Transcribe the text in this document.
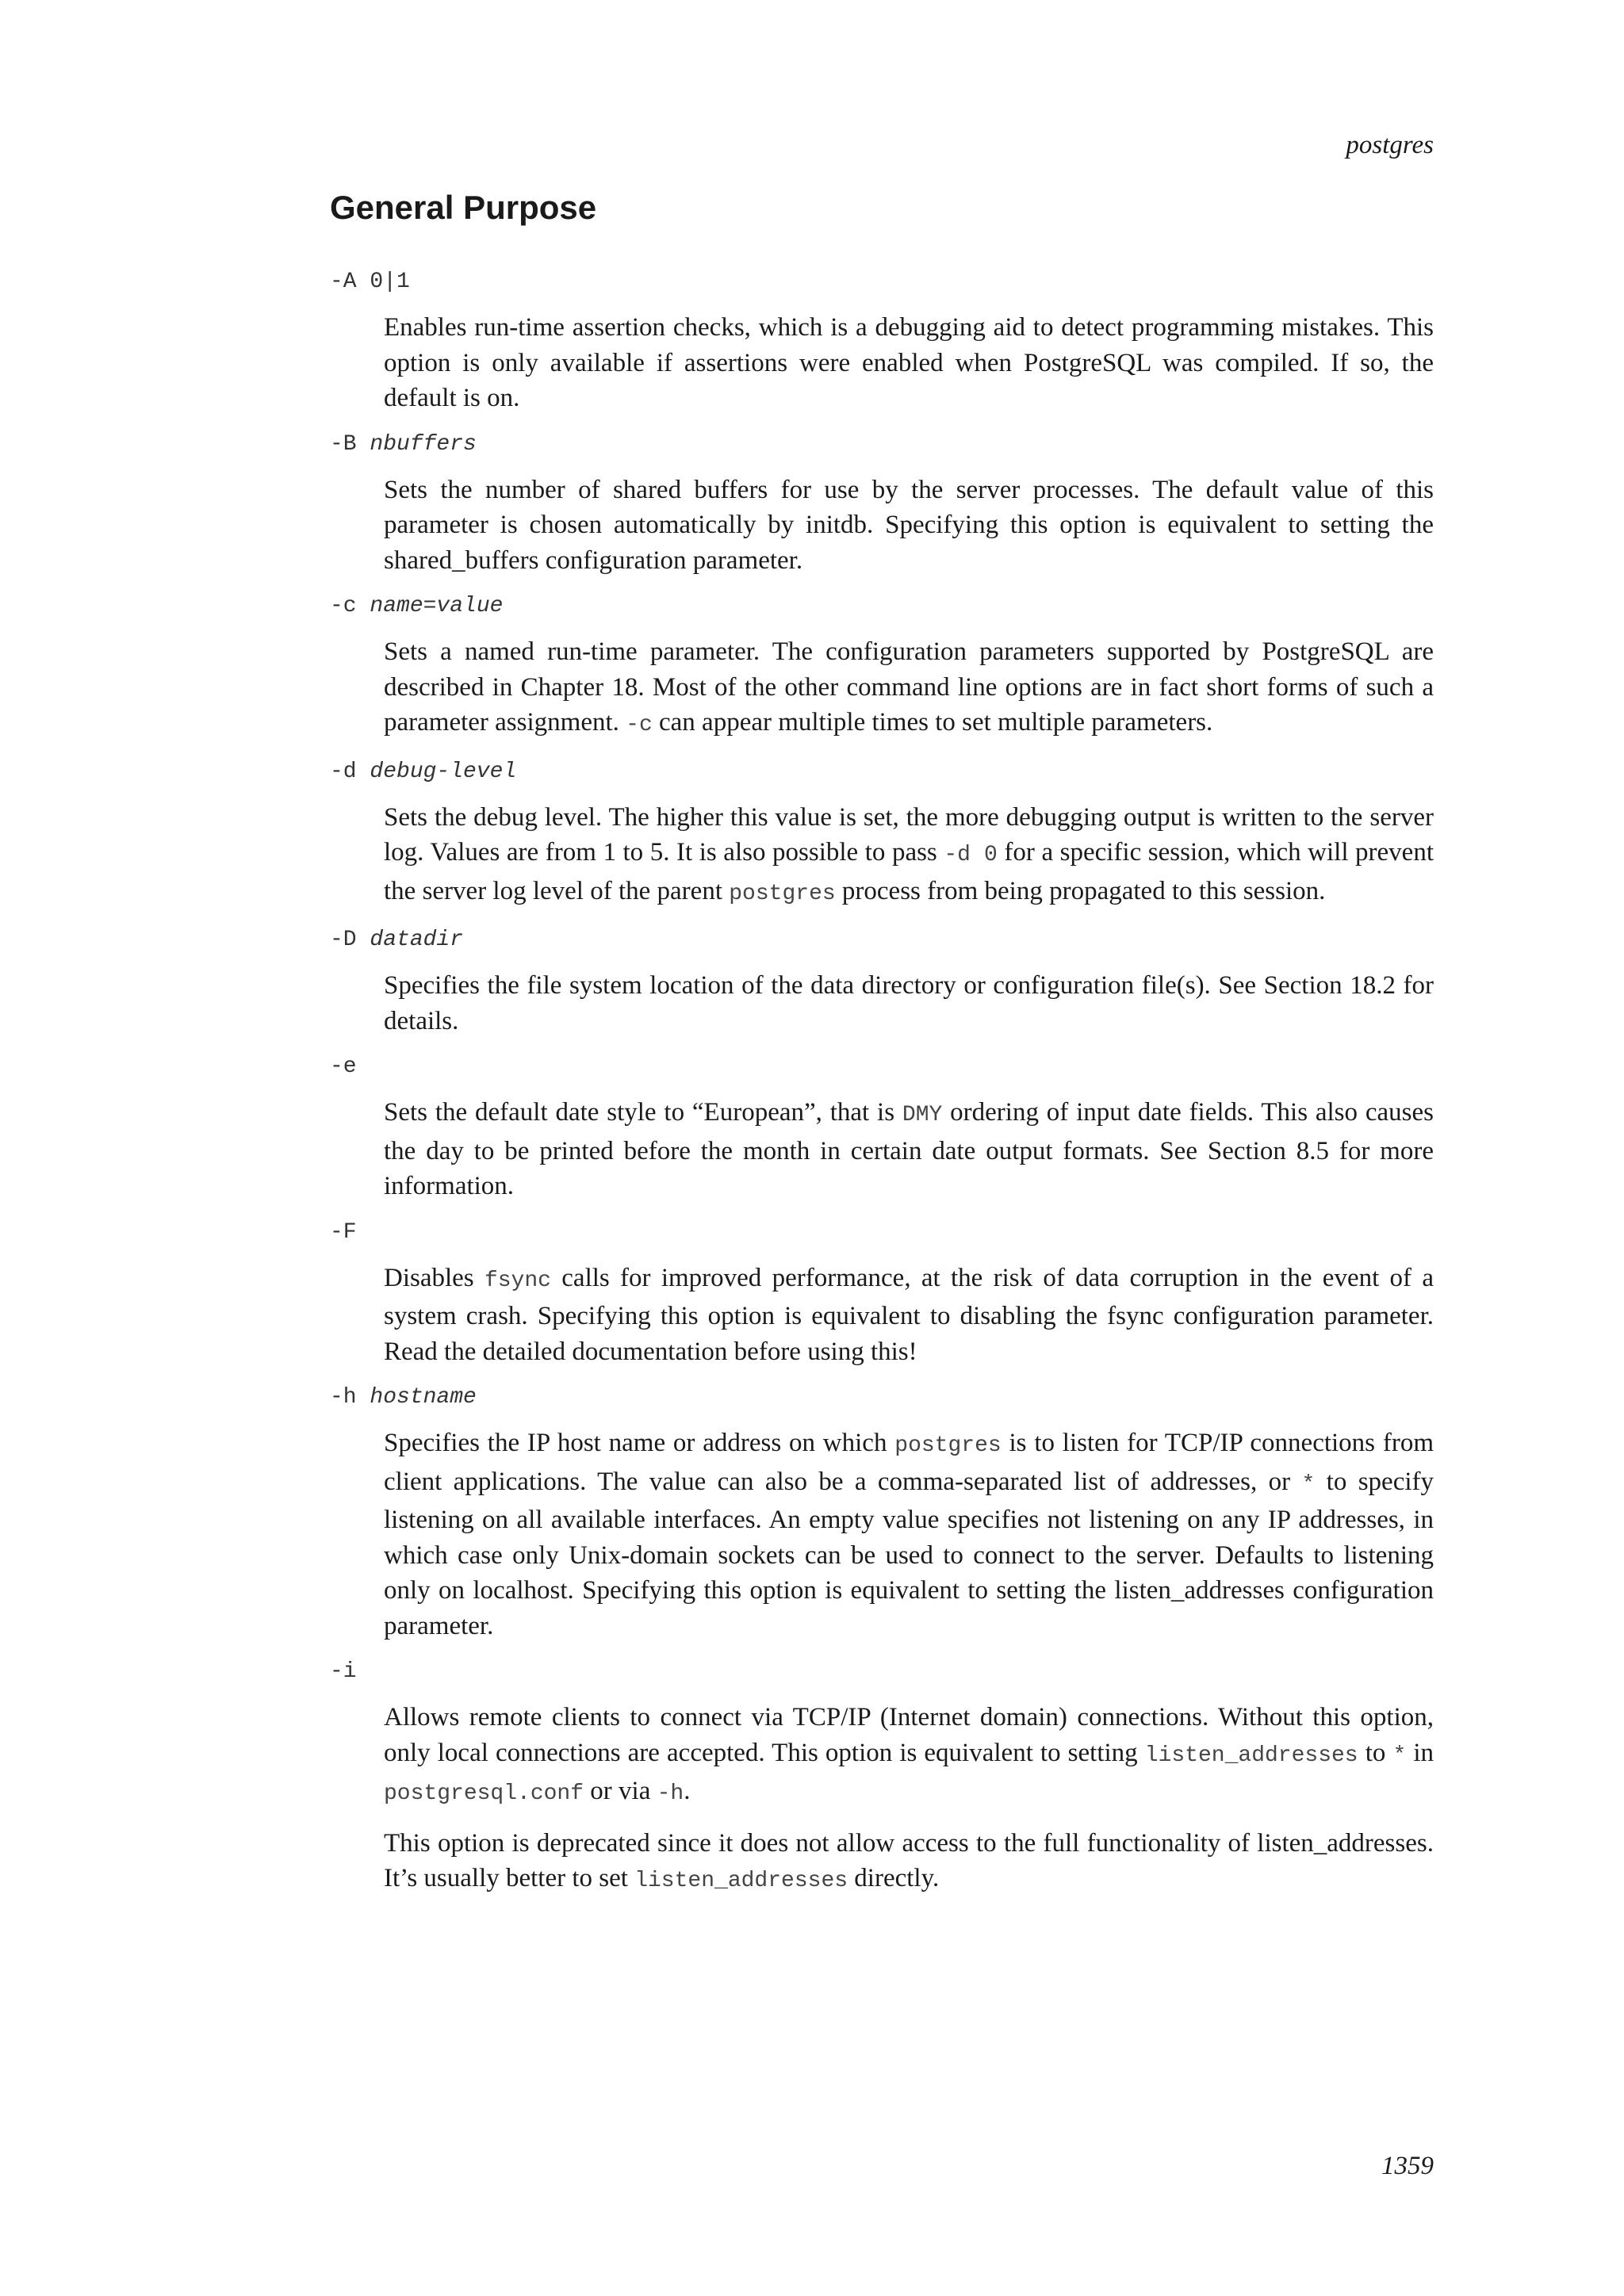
postgres

General Purpose

-A 0|1

Enables run-time assertion checks, which is a debugging aid to detect programming mistakes. This option is only available if assertions were enabled when PostgreSQL was compiled. If so, the default is on.

-B nbuffers

Sets the number of shared buffers for use by the server processes. The default value of this parameter is chosen automatically by initdb. Specifying this option is equivalent to setting the shared_buffers configuration parameter.

-c name=value

Sets a named run-time parameter. The configuration parameters supported by PostgreSQL are described in Chapter 18. Most of the other command line options are in fact short forms of such a parameter assignment. -c can appear multiple times to set multiple parameters.

-d debug-level

Sets the debug level. The higher this value is set, the more debugging output is written to the server log. Values are from 1 to 5. It is also possible to pass -d 0 for a specific session, which will prevent the server log level of the parent postgres process from being propagated to this session.

-D datadir

Specifies the file system location of the data directory or configuration file(s). See Section 18.2 for details.

-e

Sets the default date style to “European”, that is DMY ordering of input date fields. This also causes the day to be printed before the month in certain date output formats. See Section 8.5 for more information.

-F

Disables fsync calls for improved performance, at the risk of data corruption in the event of a system crash. Specifying this option is equivalent to disabling the fsync configuration parameter. Read the detailed documentation before using this!

-h hostname

Specifies the IP host name or address on which postgres is to listen for TCP/IP connections from client applications. The value can also be a comma-separated list of addresses, or * to specify listening on all available interfaces. An empty value specifies not listening on any IP addresses, in which case only Unix-domain sockets can be used to connect to the server. Defaults to listening only on localhost. Specifying this option is equivalent to setting the listen_addresses configuration parameter.

-i

Allows remote clients to connect via TCP/IP (Internet domain) connections. Without this option, only local connections are accepted. This option is equivalent to setting listen_addresses to * in postgresql.conf or via -h.

This option is deprecated since it does not allow access to the full functionality of listen_addresses. It’s usually better to set listen_addresses directly.

1359
